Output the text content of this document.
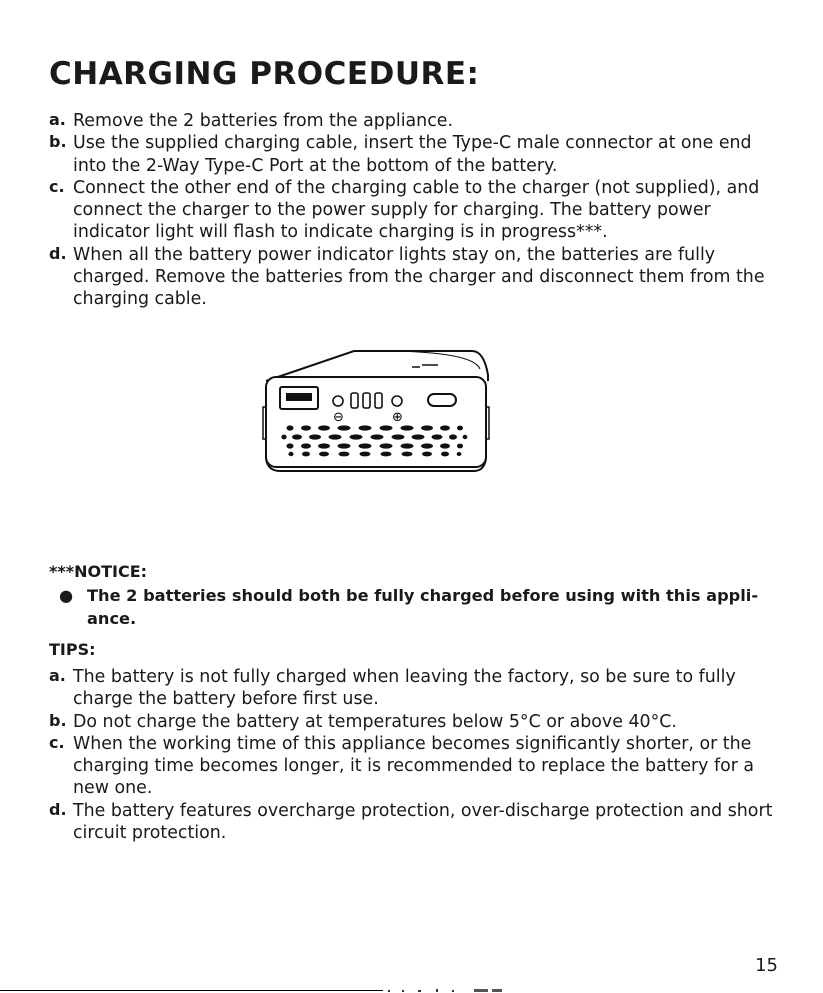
CHARGING PROCEDURE:

a. Remove the 2 batteries from the appliance.

b. Use the supplied charging cable, insert the Type-C male connector at one end into the 2-Way Type-C Port at the bottom of the battery.

c. Connect the other end of the charging cable to the charger (not supplied), and connect the charger to the power supply for charging. The battery power indicator light will flash to indicate charging is in progress***.

d. When all the battery power indicator lights stay on, the batteries are fully charged. Remove the batteries from the charger and disconnect them from the charging cable.

⊖	⊕

***NOTICE:

● The 2 batteries should both be fully charged before using with this appli-ance.

TIPS:

a. The battery is not fully charged when leaving the factory, so be sure to fully charge the battery before first use.

b. Do not charge the battery at temperatures below 5°C or above 40°C.

c. When the working time of this appliance becomes significantly shorter, or the charging time becomes longer, it is recommended to replace the battery for a new one.

d. The battery features overcharge protection, over-discharge protection and short circuit protection.

15
